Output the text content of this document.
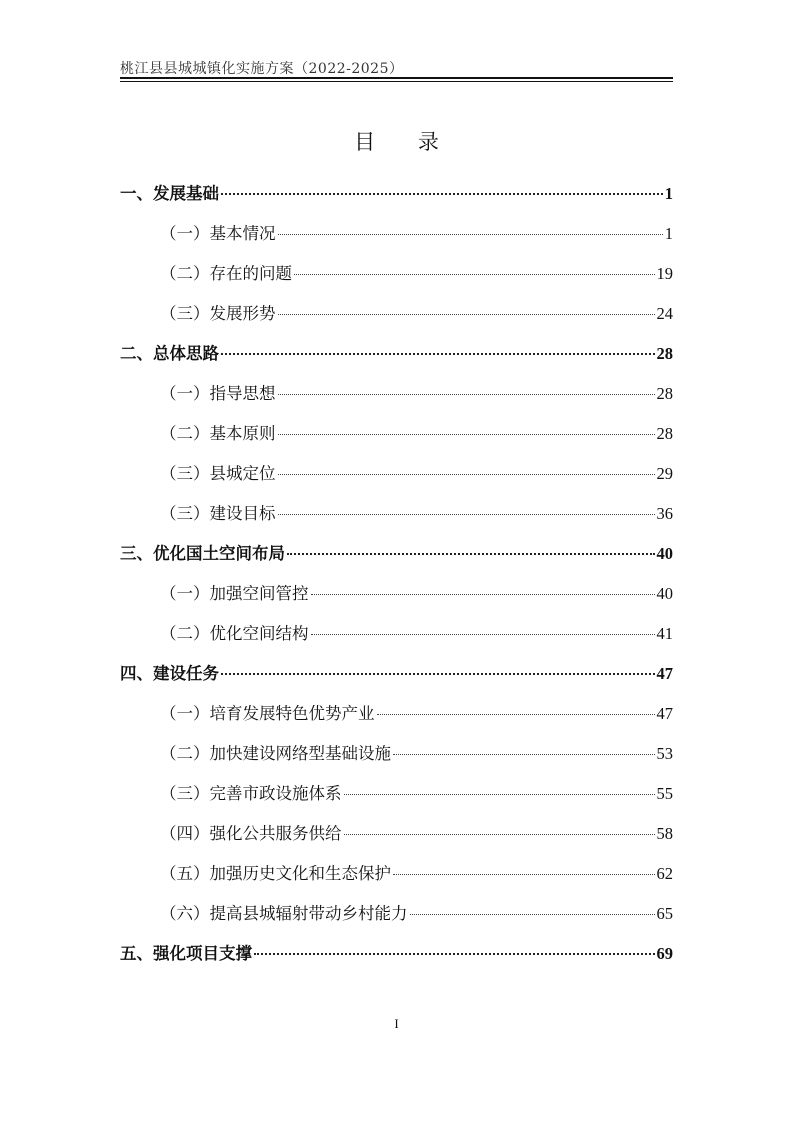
桃江县县城城镇化实施方案（2022-2025）
目 录
一、发展基础	1
（一）基本情况	1
（二）存在的问题	19
（三）发展形势	24
二、总体思路	28
（一）指导思想	28
（二）基本原则	28
（三）县城定位	29
（三）建设目标	36
三、优化国土空间布局	40
（一）加强空间管控	40
（二）优化空间结构	41
四、建设任务	47
（一）培育发展特色优势产业	47
（二）加快建设网络型基础设施	53
（三）完善市政设施体系	55
（四）强化公共服务供给	58
（五）加强历史文化和生态保护	62
（六）提高县城辐射带动乡村能力	65
五、强化项目支撑	69
I
